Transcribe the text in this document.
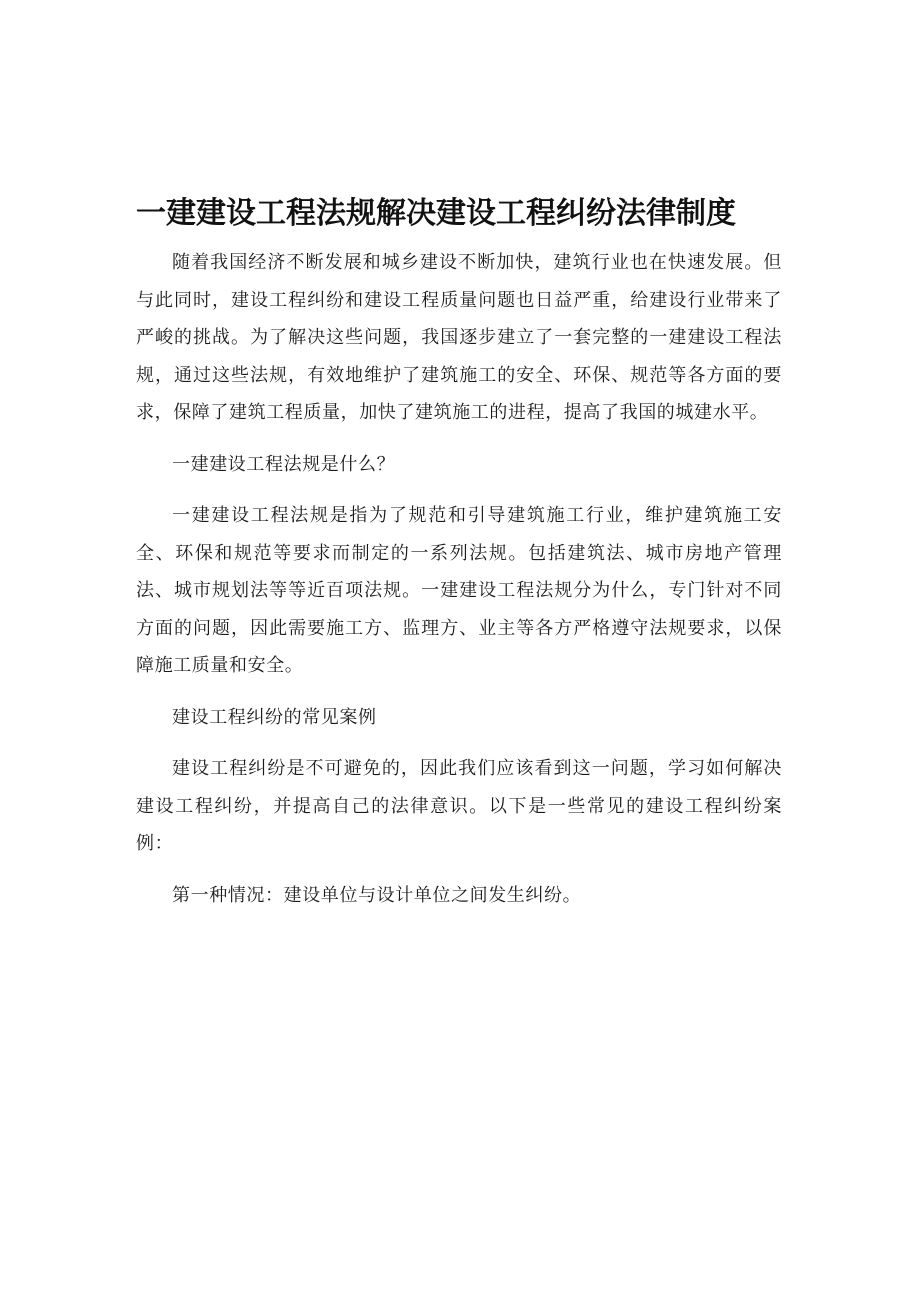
一建建设工程法规解决建设工程纠纷法律制度

随着我国经济不断发展和城乡建设不断加快，建筑行业也在快速发展。但与此同时，建设工程纠纷和建设工程质量问题也日益严重，给建设行业带来了严峻的挑战。为了解决这些问题，我国逐步建立了一套完整的一建建设工程法规，通过这些法规，有效地维护了建筑施工的安全、环保、规范等各方面的要求，保障了建筑工程质量，加快了建筑施工的进程，提高了我国的城建水平。

一建建设工程法规是什么？

一建建设工程法规是指为了规范和引导建筑施工行业，维护建筑施工安全、环保和规范等要求而制定的一系列法规。包括建筑法、城市房地产管理法、城市规划法等等近百项法规。一建建设工程法规分为什么，专门针对不同方面的问题，因此需要施工方、监理方、业主等各方严格遵守法规要求，以保障施工质量和安全。

建设工程纠纷的常见案例

建设工程纠纷是不可避免的，因此我们应该看到这一问题，学习如何解决建设工程纠纷，并提高自己的法律意识。以下是一些常见的建设工程纠纷案例：

第一种情况：建设单位与设计单位之间发生纠纷。
